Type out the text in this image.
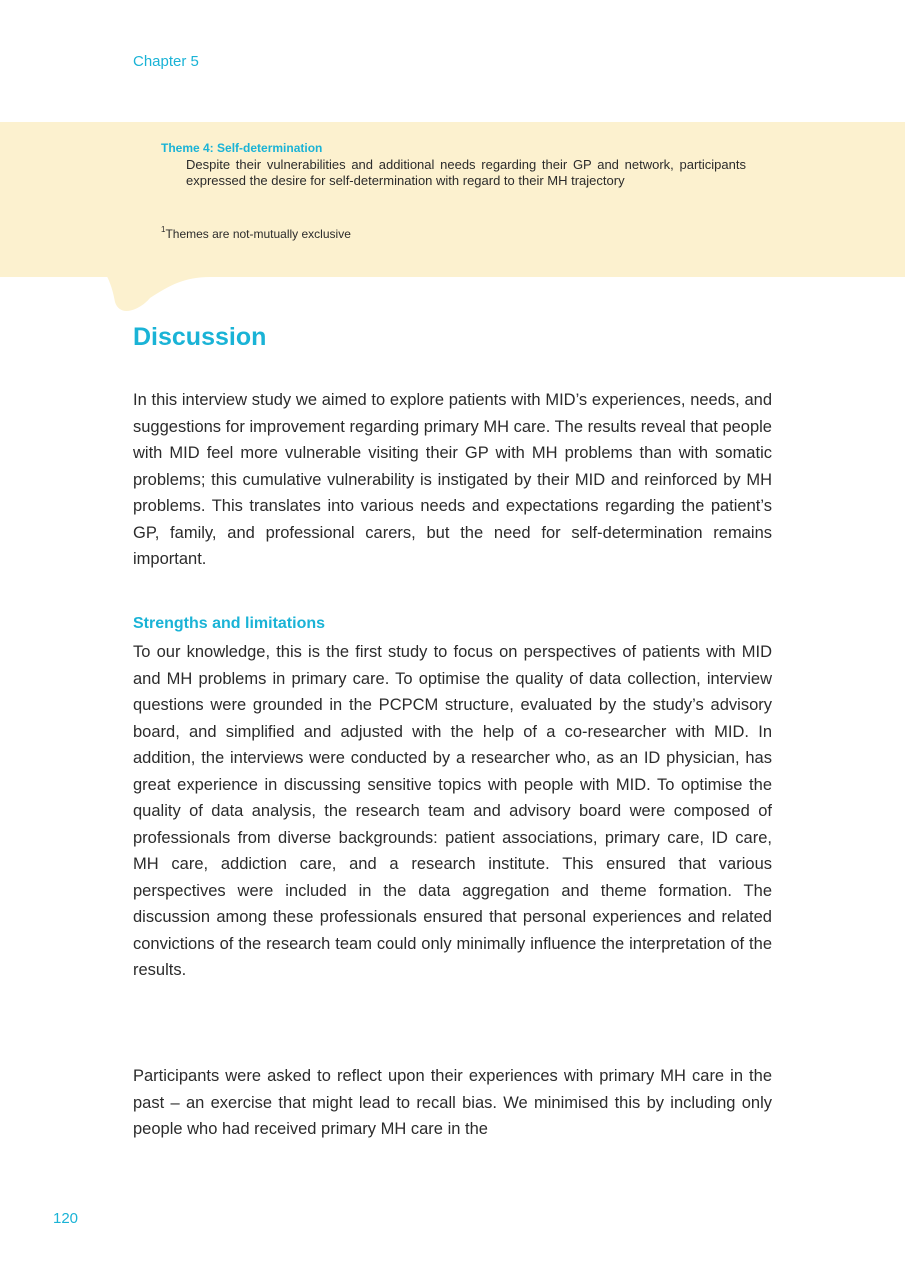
Chapter 5
Theme 4: Self-determination
Despite their vulnerabilities and additional needs regarding their GP and network, participants expressed the desire for self-determination with regard to their MH trajectory
$^1$Themes are not-mutually exclusive
Discussion

In this interview study we aimed to explore patients with MID’s experiences, needs, and suggestions for improvement regarding primary MH care. The results reveal that people with MID feel more vulnerable visiting their GP with MH problems than with somatic problems; this cumulative vulnerability is instigated by their MID and reinforced by MH problems. This translates into various needs and expectations regarding the patient’s GP, family, and professional carers, but the need for self-determination remains important.

Strengths and limitations

To our knowledge, this is the first study to focus on perspectives of patients with MID and MH problems in primary care. To optimise the quality of data collection, interview questions were grounded in the PCPCM structure, evaluated by the study’s advisory board, and simplified and adjusted with the help of a co-researcher with MID. In addition, the interviews were conducted by a researcher who, as an ID physician, has great experience in discussing sensitive topics with people with MID. To optimise the quality of data analysis, the research team and advisory board were composed of professionals from diverse backgrounds: patient associations, primary care, ID care, MH care, addiction care, and a research institute. This ensured that various perspectives were included in the data aggregation and theme formation. The discussion among these professionals ensured that personal experiences and related convictions of the research team could only minimally influence the interpretation of the results.

Participants were asked to reflect upon their experiences with primary MH care in the past – an exercise that might lead to recall bias. We minimised this by including only people who had received primary MH care in the

120
